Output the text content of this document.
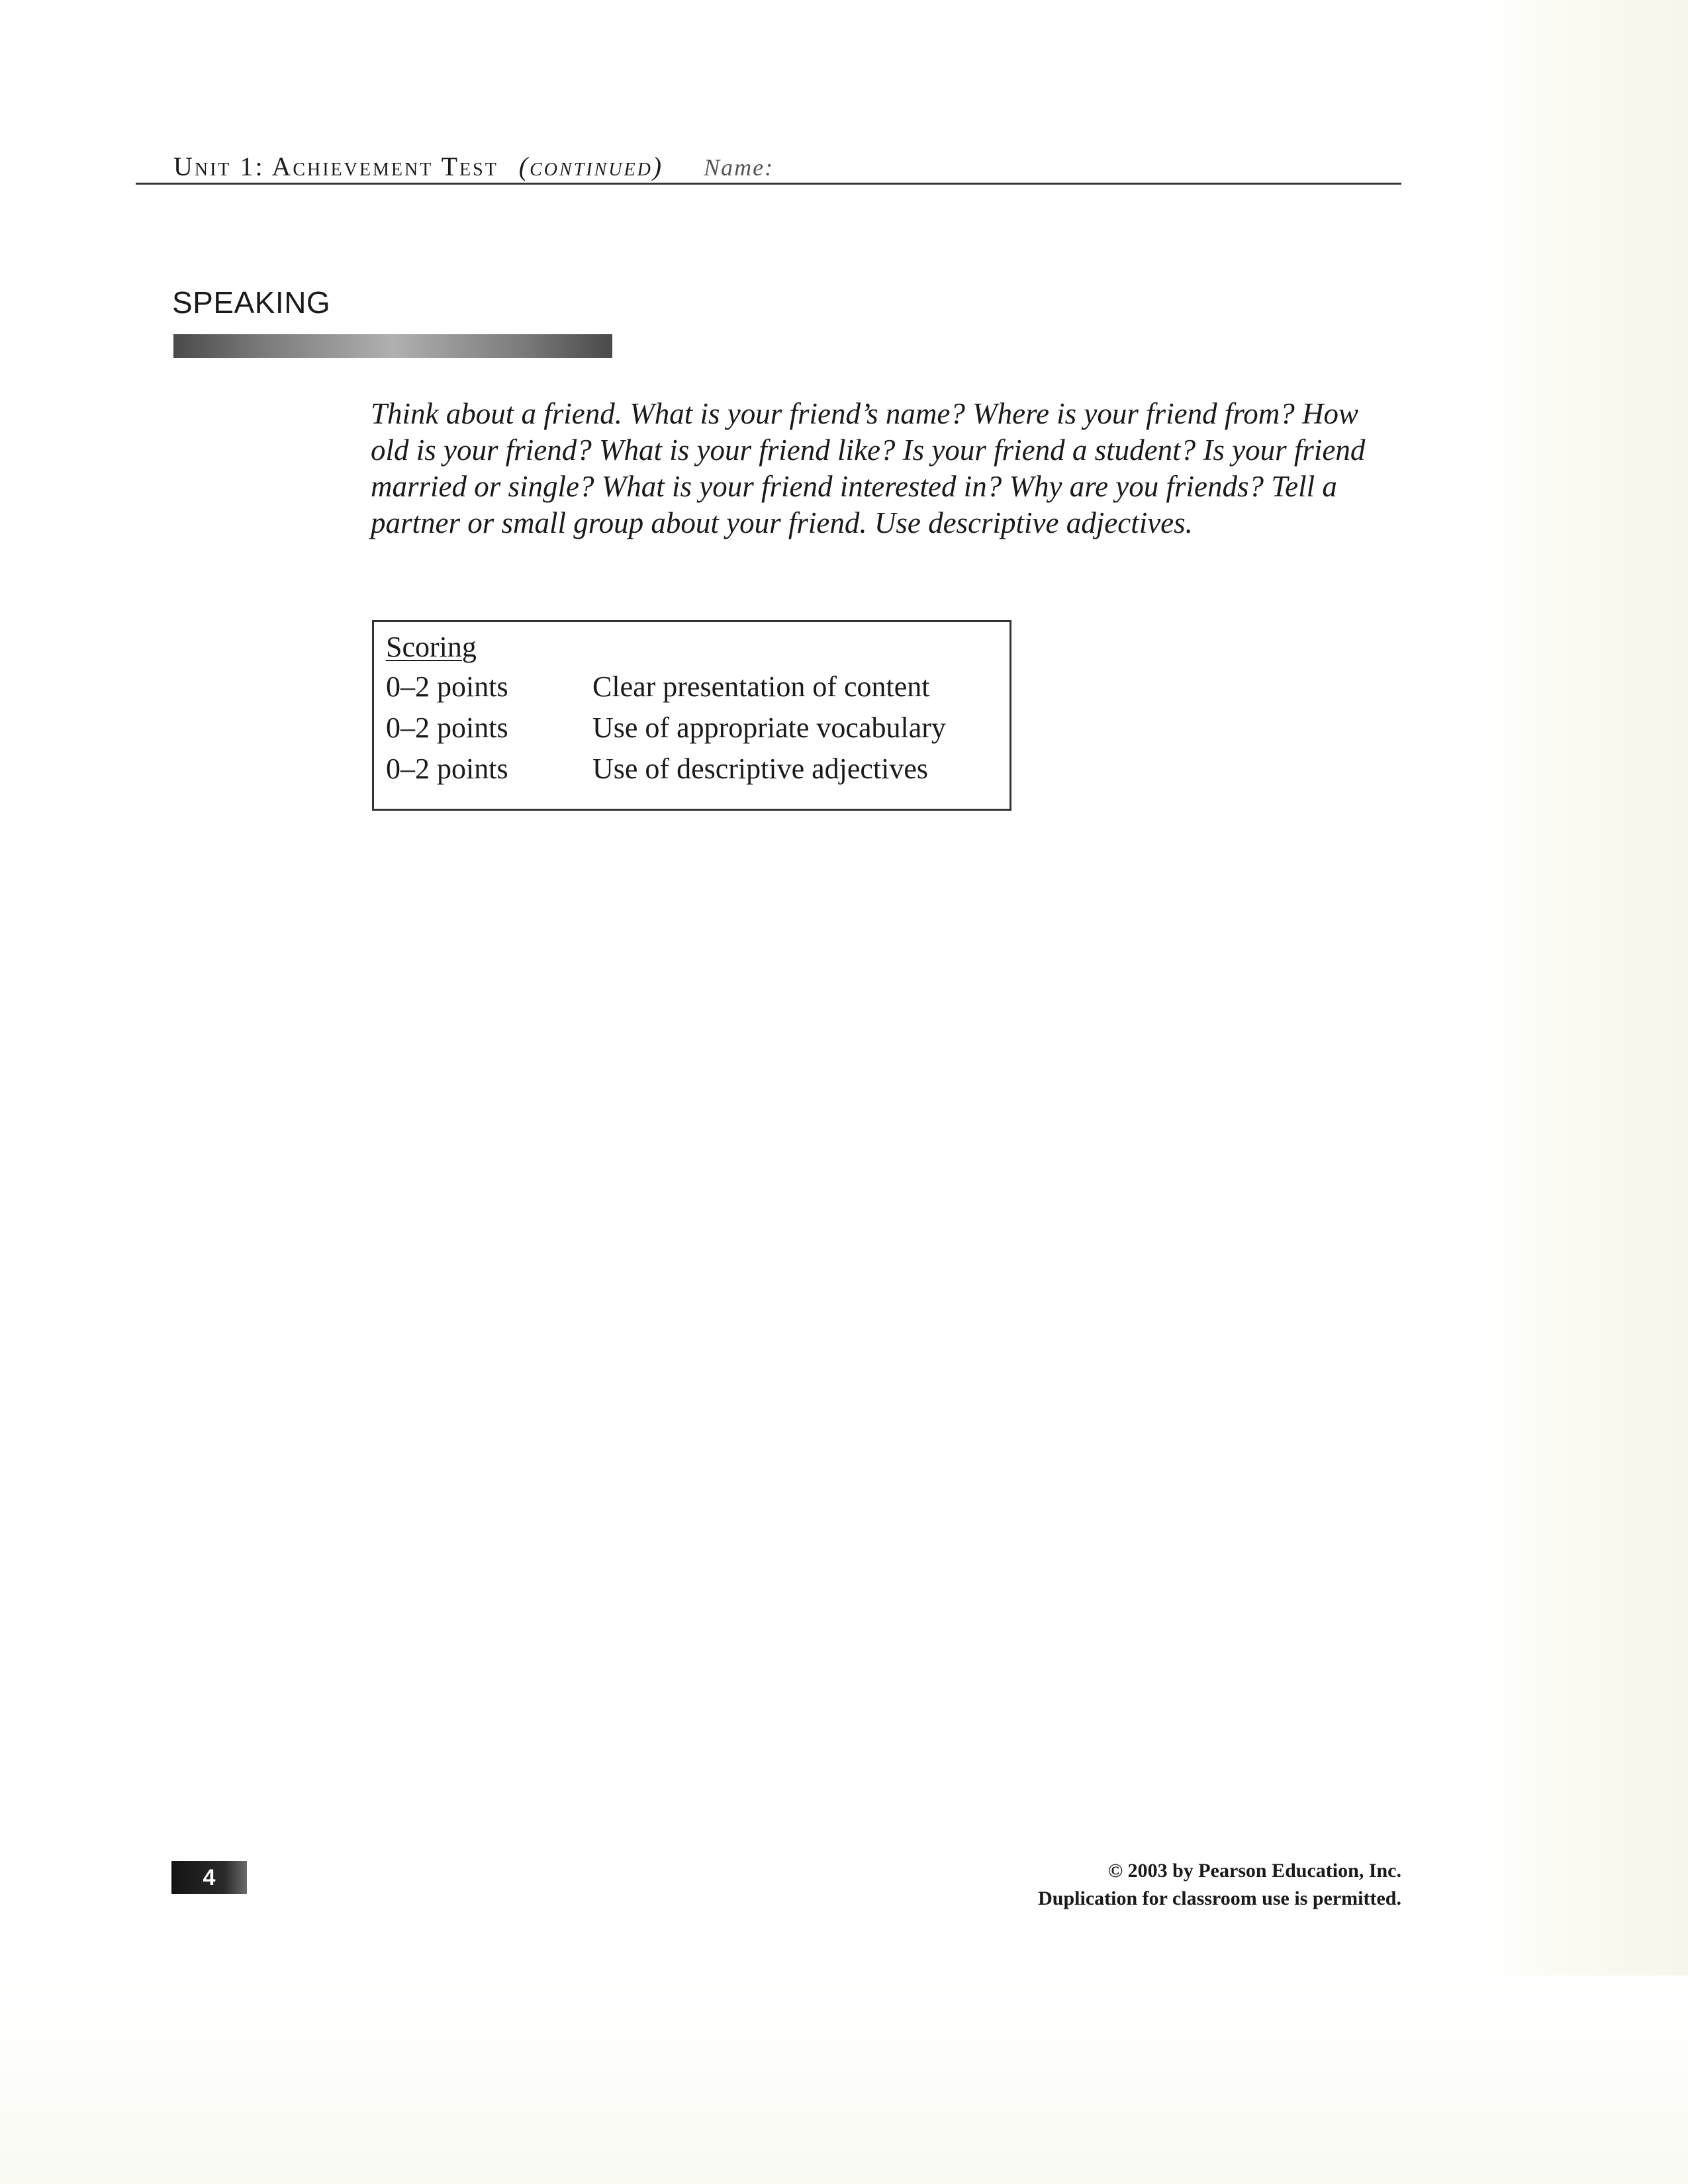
Unit 1: Achievement Test (continued) Name:
SPEAKING

Think about a friend. What is your friend’s name? Where is your friend from? How old is your friend? What is your friend like? Is your friend a student? Is your friend married or single? What is your friend interested in? Why are you friends? Tell a partner or small group about your friend. Use descriptive adjectives.

Scoring
0–2 points	Clear presentation of content
0–2 points	Use of appropriate vocabulary
0–2 points	Use of descriptive adjectives
4	© 2003 by Pearson Education, Inc.
Duplication for classroom use is permitted.
